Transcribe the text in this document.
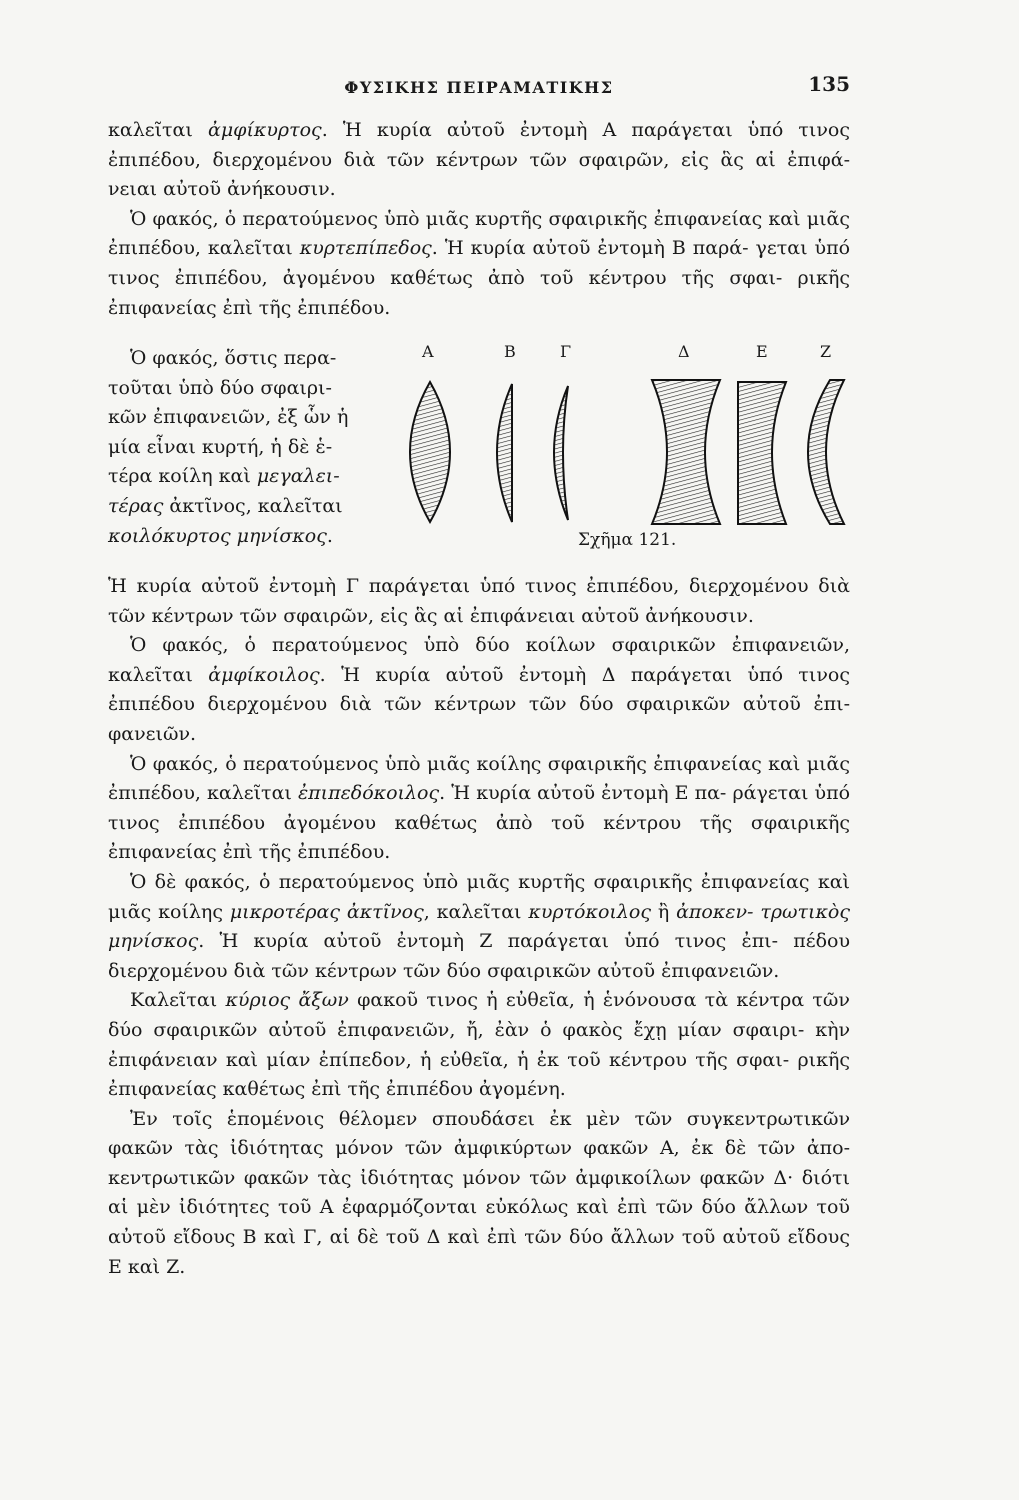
ΦΥΣΙΚΗΣ ΠΕΙΡΑΜΑΤΙΚΗΣ	135

καλεῖται ἀμφίκυρτος. Ἡ κυρία αὐτοῦ ἐντομὴ Α παράγεται ὑπό τινος ἐπιπέδου, διερχομένου διὰ τῶν κέντρων τῶν σφαιρῶν, εἰς ἃς αἱ ἐπιφά- νειαι αὐτοῦ ἀνήκουσιν.

Ὁ φακός, ὁ περατούμενος ὑπὸ μιᾶς κυρτῆς σφαιρικῆς ἐπιφανείας καὶ μιᾶς ἐπιπέδου, καλεῖται κυρτεπίπεδος. Ἡ κυρία αὐτοῦ ἐντομὴ Β παρά- γεται ὑπό τινος ἐπιπέδου, ἀγομένου καθέτως ἀπὸ τοῦ κέντρου τῆς σφαι- ρικῆς ἐπιφανείας ἐπὶ τῆς ἐπιπέδου.

Ὁ φακός, ὅστις περα-

τοῦται ὑπὸ δύο σφαιρι-
κῶν ἐπιφανειῶν, ἐξ ὧν ἡ
μία εἶναι κυρτή, ἡ δὲ ἑ-
τέρα κοίλη καὶ μεγαλει-
τέρας ἀκτῖνος, καλεῖται
κοιλόκυρτος μηνίσκος.
Α	Β	Γ	Δ	Ε	Ζ
Σχῆμα 121.

Ἡ κυρία αὐτοῦ ἐντομὴ Γ παράγεται ὑπό τινος ἐπιπέδου, διερχομένου διὰ τῶν κέντρων τῶν σφαιρῶν, εἰς ἃς αἱ ἐπιφάνειαι αὐτοῦ ἀνήκουσιν.

Ὁ φακός, ὁ περατούμενος ὑπὸ δύο κοίλων σφαιρικῶν ἐπιφανειῶν, καλεῖται ἀμφίκοιλος. Ἡ κυρία αὐτοῦ ἐντομὴ Δ παράγεται ὑπό τινος ἐπιπέδου διερχομένου διὰ τῶν κέντρων τῶν δύο σφαιρικῶν αὐτοῦ ἐπι- φανειῶν.

Ὁ φακός, ὁ περατούμενος ὑπὸ μιᾶς κοίλης σφαιρικῆς ἐπιφανείας καὶ μιᾶς ἐπιπέδου, καλεῖται ἐπιπεδόκοιλος. Ἡ κυρία αὐτοῦ ἐντομὴ Ε πα- ράγεται ὑπό τινος ἐπιπέδου ἀγομένου καθέτως ἀπὸ τοῦ κέντρου τῆς σφαιρικῆς ἐπιφανείας ἐπὶ τῆς ἐπιπέδου.

Ὁ δὲ φακός, ὁ περατούμενος ὑπὸ μιᾶς κυρτῆς σφαιρικῆς ἐπιφανείας καὶ μιᾶς κοίλης μικροτέρας ἀκτῖνος, καλεῖται κυρτόκοιλος ἢ ἀποκεν- τρωτικὸς μηνίσκος. Ἡ κυρία αὐτοῦ ἐντομὴ Ζ παράγεται ὑπό τινος ἐπι- πέδου διερχομένου διὰ τῶν κέντρων τῶν δύο σφαιρικῶν αὐτοῦ ἐπιφανειῶν.

Καλεῖται κύριος ἄξων φακοῦ τινος ἡ εὐθεῖα, ἡ ἑνόνουσα τὰ κέντρα τῶν δύο σφαιρικῶν αὐτοῦ ἐπιφανειῶν, ἤ, ἐὰν ὁ φακὸς ἔχῃ μίαν σφαιρι- κὴν ἐπιφάνειαν καὶ μίαν ἐπίπεδον, ἡ εὐθεῖα, ἡ ἐκ τοῦ κέντρου τῆς σφαι- ρικῆς ἐπιφανείας καθέτως ἐπὶ τῆς ἐπιπέδου ἀγομένη.

Ἐν τοῖς ἑπομένοις θέλομεν σπουδάσει ἐκ μὲν τῶν συγκεντρωτικῶν φακῶν τὰς ἰδιότητας μόνον τῶν ἀμφικύρτων φακῶν Α, ἐκ δὲ τῶν ἀπο- κεντρωτικῶν φακῶν τὰς ἰδιότητας μόνον τῶν ἀμφικοίλων φακῶν Δ· διότι αἱ μὲν ἰδιότητες τοῦ Α ἐφαρμόζονται εὐκόλως καὶ ἐπὶ τῶν δύο ἄλλων τοῦ αὐτοῦ εἴδους Β καὶ Γ, αἱ δὲ τοῦ Δ καὶ ἐπὶ τῶν δύο ἄλλων τοῦ αὐτοῦ εἴδους Ε καὶ Ζ.
